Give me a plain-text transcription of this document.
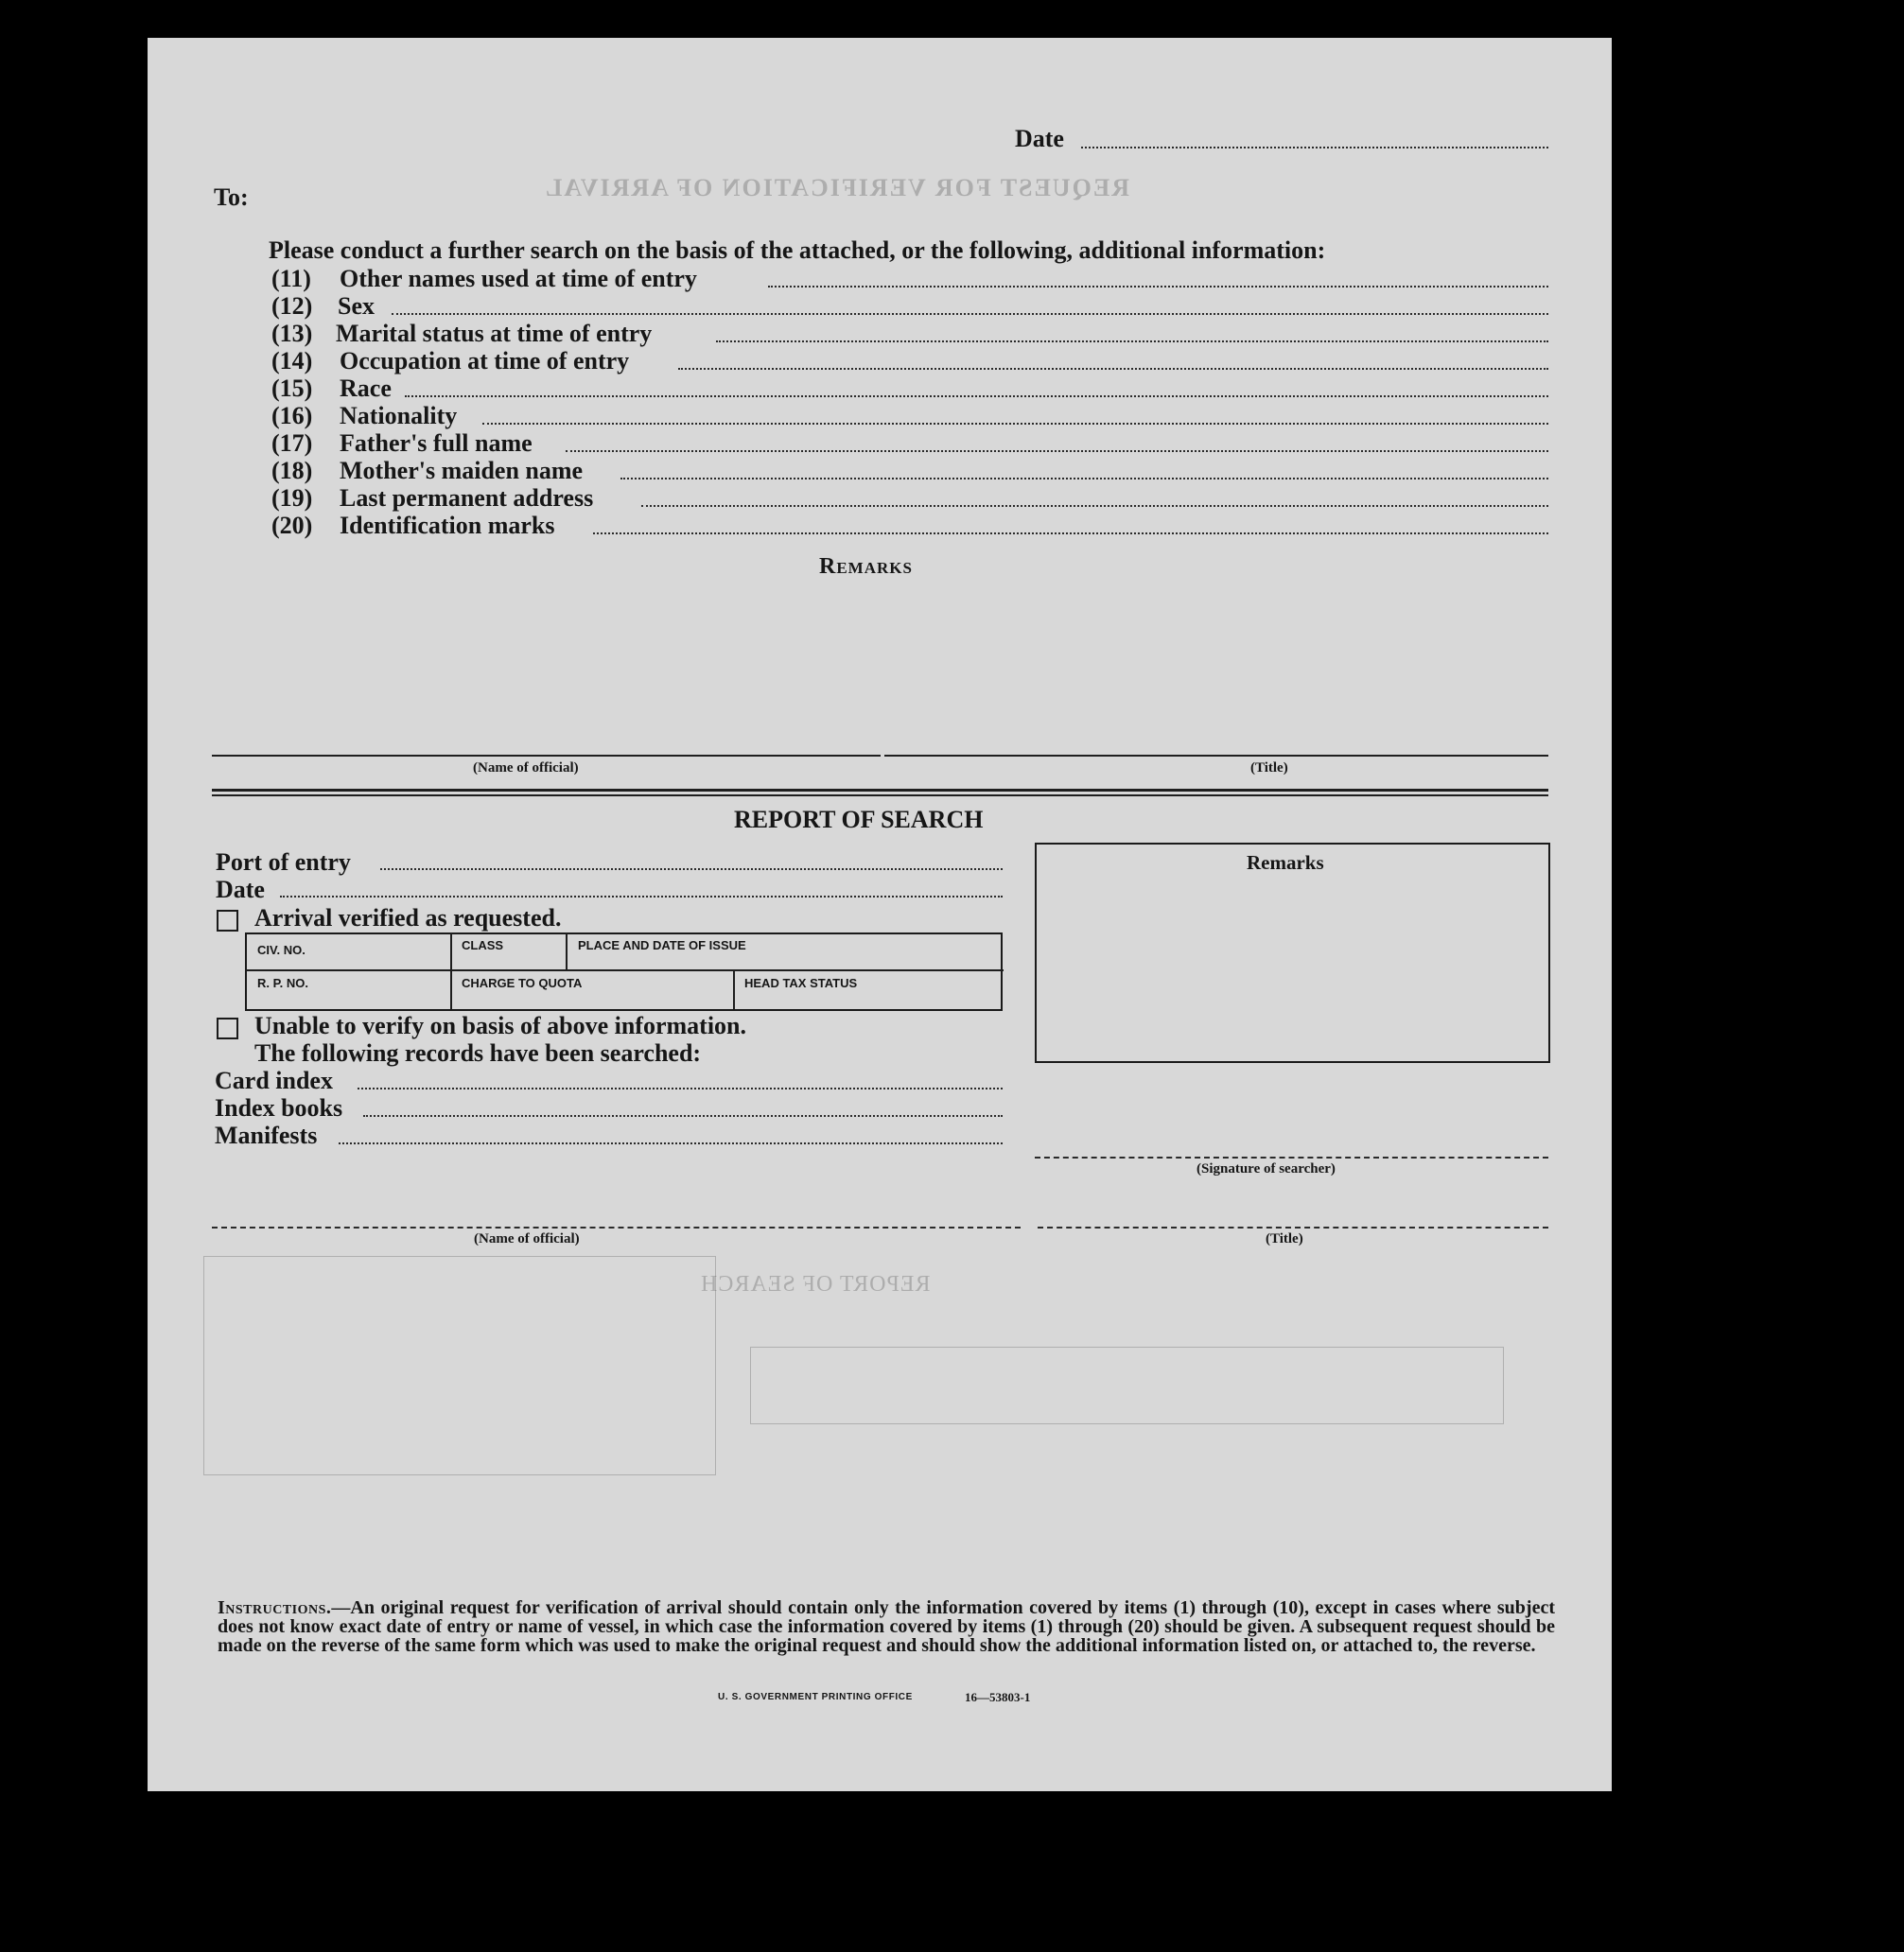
REQUEST FOR VERIFICATION OF ARRIVAL
REPORT OF SEARCH
Date
To:
Please conduct a further search on the basis of the attached, or the following, additional information:
(11) Other names used at time of entry
(12) Sex
(13) Marital status at time of entry
(14) Occupation at time of entry
(15) Race
(16) Nationality
(17) Father's full name
(18) Mother's maiden name
(19) Last permanent address
(20) Identification marks
Remarks
(Name of official)	(Title)
REPORT OF SEARCH
Port of entry
Date
Arrival verified as requested.
CIV. NO.	CLASS	PLACE AND DATE OF ISSUE
R. P. NO.	CHARGE TO QUOTA	HEAD TAX STATUS
Unable to verify on basis of above information.
The following records have been searched:
Card index
Index books
Manifests
Remarks
(Signature of searcher)
(Name of official)	(Title)
Instructions.—An original request for verification of arrival should contain only the information covered by items (1) through (10), except in cases where subject does not know exact date of entry or name of vessel, in which case the information covered by items (1) through (20) should be given. A subsequent request should be made on the reverse of the same form which was used to make the original request and should show the additional information listed on, or attached to, the reverse.
U. S. GOVERNMENT PRINTING OFFICE	16—53803-1
